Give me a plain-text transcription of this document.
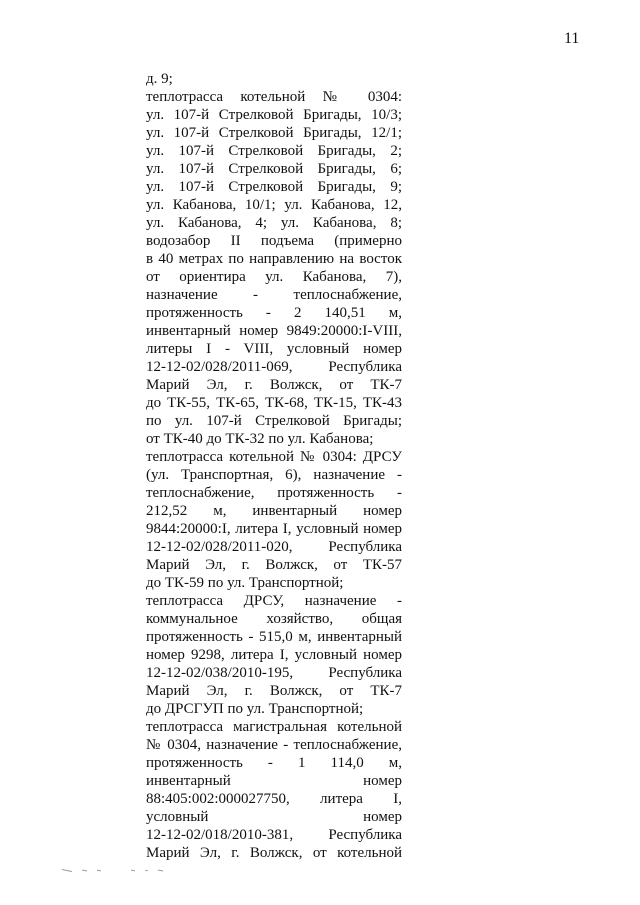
11
д. 9;
теплотрасса котельной № 0304:
ул. 107-й Стрелковой Бригады, 10/3;
ул. 107-й Стрелковой Бригады, 12/1;
ул. 107-й Стрелковой Бригады, 2;
ул. 107-й Стрелковой Бригады, 6;
ул. 107-й Стрелковой Бригады, 9;
ул. Кабанова, 10/1; ул. Кабанова, 12,
ул. Кабанова, 4; ул. Кабанова, 8;
водозабор II подъема (примерно
в 40 метрах по направлению на восток
от ориентира ул. Кабанова, 7),
назначение - теплоснабжение,
протяженность - 2 140,51 м,
инвентарный номер 9849:20000:I-VIII,
литеры I - VIII, условный номер
12-12-02/028/2011-069, Республика
Марий Эл, г. Волжск, от ТК-7
до ТК-55, ТК-65, ТК-68, ТК-15, ТК-43
по ул. 107-й Стрелковой Бригады;
от ТК-40 до ТК-32 по ул. Кабанова;
теплотрасса котельной № 0304: ДРСУ
(ул. Транспортная, 6), назначение -
теплоснабжение, протяженность -
212,52 м, инвентарный номер
9844:20000:I, литера I, условный номер
12-12-02/028/2011-020, Республика
Марий Эл, г. Волжск, от ТК-57
до ТК-59 по ул. Транспортной;
теплотрасса ДРСУ, назначение -
коммунальное хозяйство, общая
протяженность - 515,0 м, инвентарный
номер 9298, литера I, условный номер
12-12-02/038/2010-195, Республика
Марий Эл, г. Волжск, от ТК-7
до ДРСГУП по ул. Транспортной;
теплотрасса магистральная котельной
№ 0304, назначение - теплоснабжение,
протяженность - 1 114,0 м,
инвентарный номер
88:405:002:000027750, литера I,
условный номер
12-12-02/018/2010-381, Республика
Марий Эл, г. Волжск, от котельной
